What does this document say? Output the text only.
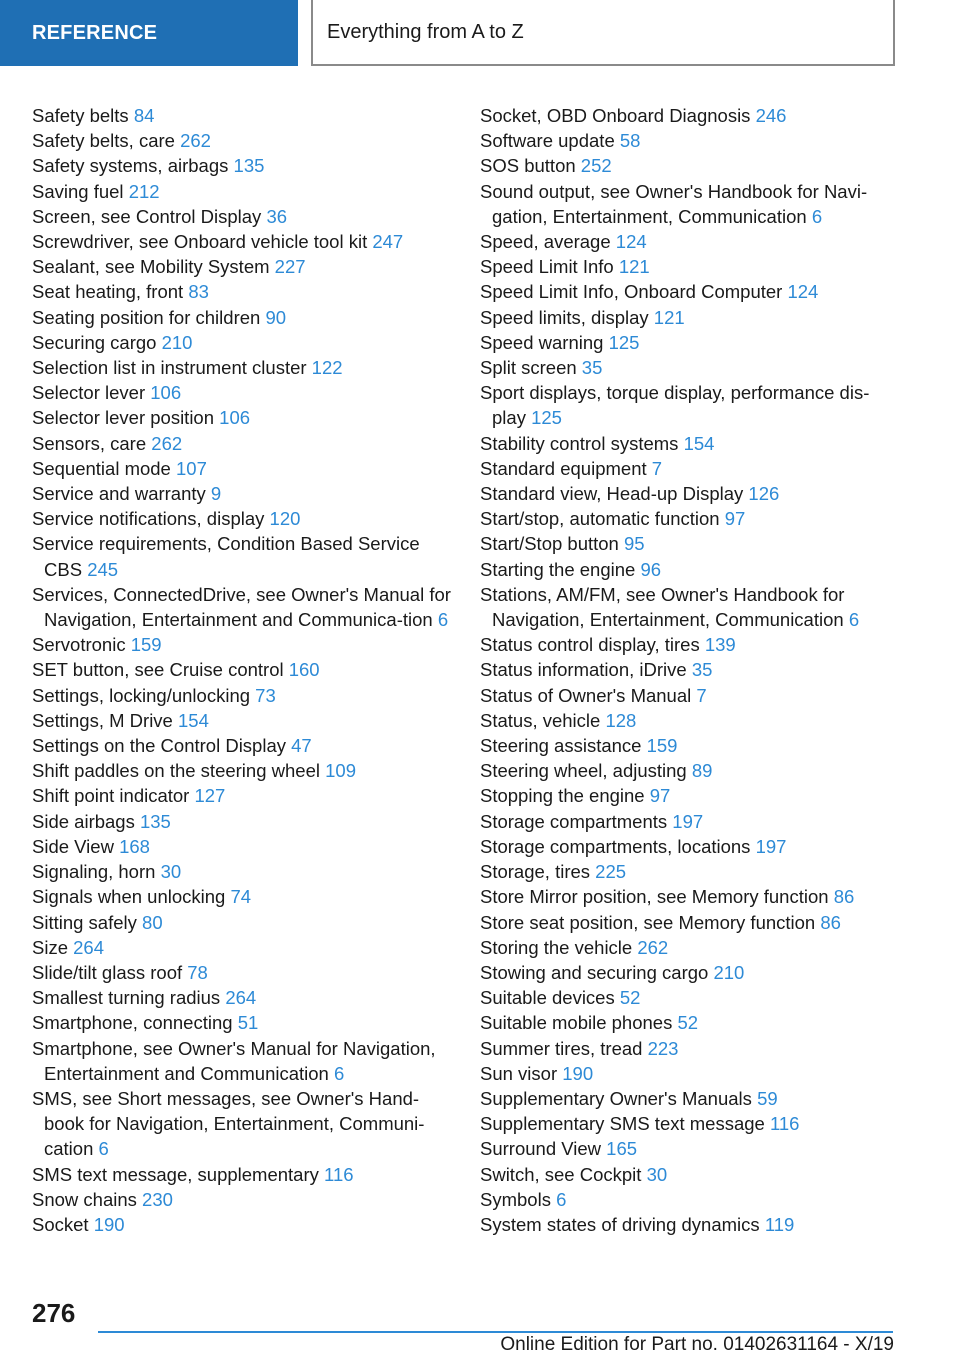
REFERENCE	Everything from A to Z
Safety belts 84
Safety belts, care 262
Safety systems, airbags 135
Saving fuel 212
Screen, see Control Display 36
Screwdriver, see Onboard vehicle tool kit 247
Sealant, see Mobility System 227
Seat heating, front 83
Seating position for children 90
Securing cargo 210
Selection list in instrument cluster 122
Selector lever 106
Selector lever position 106
Sensors, care 262
Sequential mode 107
Service and warranty 9
Service notifications, display 120
Service requirements, Condition Based Service CBS 245
Services, ConnectedDrive, see Owner's Manual for Navigation, Entertainment and Communica-tion 6
Servotronic 159
SET button, see Cruise control 160
Settings, locking/unlocking 73
Settings, M Drive 154
Settings on the Control Display 47
Shift paddles on the steering wheel 109
Shift point indicator 127
Side airbags 135
Side View 168
Signaling, horn 30
Signals when unlocking 74
Sitting safely 80
Size 264
Slide/tilt glass roof 78
Smallest turning radius 264
Smartphone, connecting 51
Smartphone, see Owner's Manual for Navigation, Entertainment and Communication 6
SMS, see Short messages, see Owner's Hand-book for Navigation, Entertainment, Communi-cation 6
SMS text message, supplementary 116
Snow chains 230
Socket 190
Socket, OBD Onboard Diagnosis 246
Software update 58
SOS button 252
Sound output, see Owner's Handbook for Navi-gation, Entertainment, Communication 6
Speed, average 124
Speed Limit Info 121
Speed Limit Info, Onboard Computer 124
Speed limits, display 121
Speed warning 125
Split screen 35
Sport displays, torque display, performance dis-play 125
Stability control systems 154
Standard equipment 7
Standard view, Head-up Display 126
Start/stop, automatic function 97
Start/Stop button 95
Starting the engine 96
Stations, AM/FM, see Owner's Handbook for Navigation, Entertainment, Communication 6
Status control display, tires 139
Status information, iDrive 35
Status of Owner's Manual 7
Status, vehicle 128
Steering assistance 159
Steering wheel, adjusting 89
Stopping the engine 97
Storage compartments 197
Storage compartments, locations 197
Storage, tires 225
Store Mirror position, see Memory function 86
Store seat position, see Memory function 86
Storing the vehicle 262
Stowing and securing cargo 210
Suitable devices 52
Suitable mobile phones 52
Summer tires, tread 223
Sun visor 190
Supplementary Owner's Manuals 59
Supplementary SMS text message 116
Surround View 165
Switch, see Cockpit 30
Symbols 6
System states of driving dynamics 119
276
Online Edition for Part no. 01402631164 - X/19
